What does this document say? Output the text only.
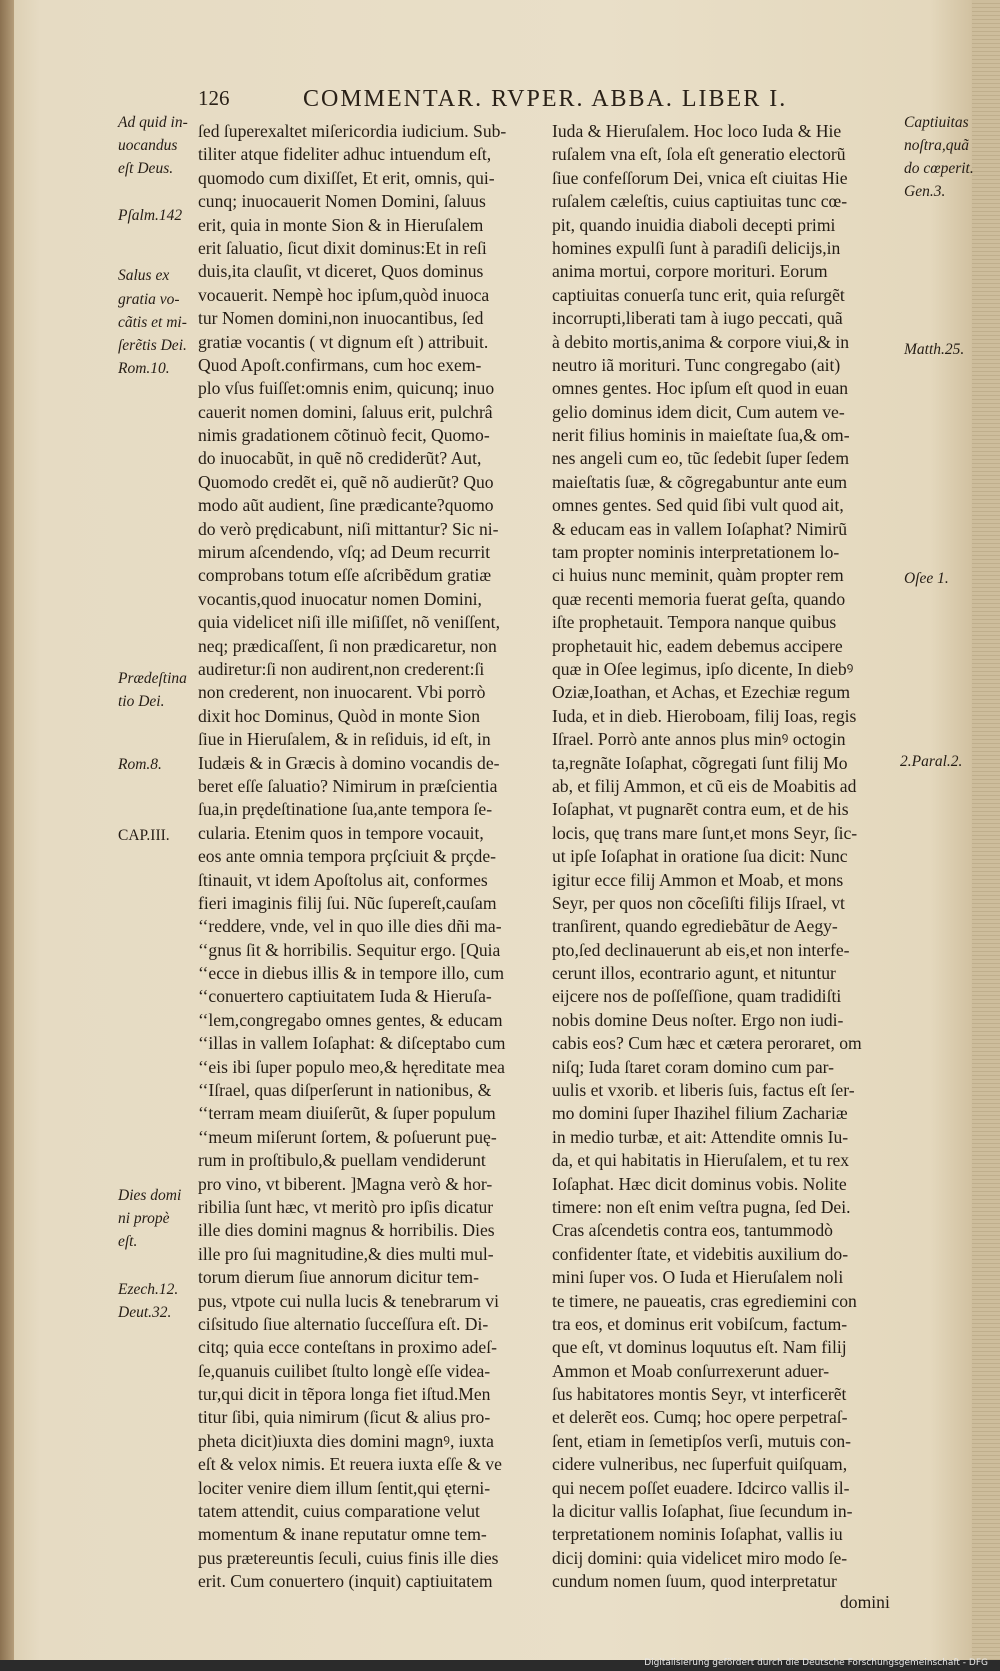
126	COMMENTAR. RVPER. ABBA. LIBER I.
ſed ſuperexaltet miſericordia iudicium. Sub-
tiliter atque fideliter adhuc intuendum eſt,
quomodo cum dixiſſet, Et erit, omnis, qui-
cunq; inuocauerit Nomen Domini, ſaluus
erit, quia in monte Sion & in Hieruſalem
erit ſaluatio, ſicut dixit dominus:Et in reſi
duis,ita clauſit, vt diceret, Quos dominus
vocauerit. Nempè hoc ipſum,quòd inuoca
tur Nomen domini,non inuocantibus, ſed
gratiæ vocantis ( vt dignum eſt ) attribuit.
Quod Apoſt.confirmans, cum hoc exem-
plo vſus fuiſſet:omnis enim, quicunq; inuo
cauerit nomen domini, ſaluus erit, pulchrâ
nimis gradationem cõtinuò fecit, Quomo-
do inuocabũt, in quẽ nõ crediderũt? Aut,
Quomodo credẽt ei, quẽ nõ audierũt? Quo
modo aũt audient, ſine prædicante?quomo
do verò prędicabunt, niſi mittantur? Sic ni-
mirum aſcendendo, vſq; ad Deum recurrit
comprobans totum eſſe aſcribẽdum gratiæ
vocantis,quod inuocatur nomen Domini,
quia videlicet niſi ille miſiſſet, nõ veniſſent,
neq; prædicaſſent, ſi non prædicaretur, non
audiretur:ſi non audirent,non crederent:ſi
non crederent, non inuocarent. Vbi porrò
dixit hoc Dominus, Quòd in monte Sion
ſiue in Hieruſalem, & in reſiduis, id eſt, in
Iudæis & in Græcis à domino vocandis de-
beret eſſe ſaluatio? Nimirum in præſcientia
ſua,in prędeſtinatione ſua,ante tempora ſe-
cularia. Etenim quos in tempore vocauit,
eos ante omnia tempora prçſciuit & prçde-
ſtinauit, vt idem Apoſtolus ait, conformes
fieri imaginis filij ſui. Nũc ſupereſt,cauſam
‘‘reddere, vnde, vel in quo ille dies dñi ma-
‘‘gnus ſit & horribilis. Sequitur ergo. [Quia
‘‘ecce in diebus illis & in tempore illo, cum
‘‘conuertero captiuitatem Iuda & Hieruſa-
‘‘lem,congregabo omnes gentes, & educam
‘‘illas in vallem Ioſaphat: & diſceptabo cum
‘‘eis ibi ſuper populo meo,& hęreditate mea
‘‘Iſrael, quas diſperſerunt in nationibus, &
‘‘terram meam diuiſerũt, & ſuper populum
‘‘meum miſerunt ſortem, & poſuerunt puę-
rum in proſtibulo,& puellam vendiderunt
pro vino, vt biberent. ]Magna verò & hor-
ribilia ſunt hæc, vt meritò pro ipſis dicatur
ille dies domini magnus & horribilis. Dies
ille pro ſui magnitudine,& dies multi mul-
torum dierum ſiue annorum dicitur tem-
pus, vtpote cui nulla lucis & tenebrarum vi
ciſsitudo ſiue alternatio ſucceſſura eſt. Di-
citq; quia ecce conteſtans in proximo adeſ-
ſe,quanuis cuilibet ſtulto longè eſſe videa-
tur,qui dicit in tẽpora longa fiet iſtud.Men
titur ſibi, quia nimirum (ſicut & alius pro-
pheta dicit)iuxta dies domini magnꝰ, iuxta
eſt & velox nimis. Et reuera iuxta eſſe & ve
lociter venire diem illum ſentit,qui ęterni-
tatem attendit, cuius comparatione velut
momentum & inane reputatur omne tem-
pus prætereuntis ſeculi, cuius finis ille dies
erit. Cum conuertero (inquit) captiuitatem
Iuda & Hieruſalem. Hoc loco Iuda & Hie
ruſalem vna eſt, ſola eſt generatio electorũ
ſiue confeſſorum Dei, vnica eſt ciuitas Hie
ruſalem cæleſtis, cuius captiuitas tunc cœ-
pit, quando inuidia diaboli decepti primi
homines expulſi ſunt à paradiſi delicijs,in
anima mortui, corpore morituri. Eorum
captiuitas conuerſa tunc erit, quia reſurgẽt
incorrupti,liberati tam à iugo peccati, quã
à debito mortis,anima & corpore viui,& in
neutro iã morituri. Tunc congregabo (ait)
omnes gentes. Hoc ipſum eſt quod in euan
gelio dominus idem dicit, Cum autem ve-
nerit filius hominis in maieſtate ſua,& om-
nes angeli cum eo, tũc ſedebit ſuper ſedem
maieſtatis ſuæ, & cõgregabuntur ante eum
omnes gentes. Sed quid ſibi vult quod ait,
& educam eas in vallem Ioſaphat? Nimirũ
tam propter nominis interpretationem lo-
ci huius nunc meminit, quàm propter rem
quæ recenti memoria fuerat geſta, quando
iſte prophetauit. Tempora nanque quibus
prophetauit hic, eadem debemus accipere
quæ in Oſee legimus, ipſo dicente, In diebꝰ
Oziæ,Ioathan, et Achas, et Ezechiæ regum
Iuda, et in dieb. Hieroboam, filij Ioas, regis
Iſrael. Porrò ante annos plus minꝰ octogin
ta,regnãte Ioſaphat, cõgregati ſunt filij Mo
ab, et filij Ammon, et cũ eis de Moabitis ad
Ioſaphat, vt pugnarẽt contra eum, et de his
locis, quę trans mare ſunt,et mons Seyr, ſic-
ut ipſe Ioſaphat in oratione ſua dicit: Nunc
igitur ecce filij Ammon et Moab, et mons
Seyr, per quos non cõceſiſti filijs Iſrael, vt
tranſirent, quando egrediebãtur de Aegy-
pto,ſed declinauerunt ab eis,et non interfe-
cerunt illos, econtrario agunt, et nituntur
eijcere nos de poſſeſſione, quam tradidiſti
nobis domine Deus noſter. Ergo non iudi-
cabis eos? Cum hæc et cætera peroraret, om
niſq; Iuda ſtaret coram domino cum par-
uulis et vxorib. et liberis ſuis, factus eſt ſer-
mo domini ſuper Ihazihel filium Zachariæ
in medio turbæ, et ait: Attendite omnis Iu-
da, et qui habitatis in Hieruſalem, et tu rex
Ioſaphat. Hæc dicit dominus vobis. Nolite
timere: non eſt enim veſtra pugna, ſed Dei.
Cras aſcendetis contra eos, tantummodò
confidenter ſtate, et videbitis auxilium do-
mini ſuper vos. O Iuda et Hieruſalem noli
te timere, ne paueatis, cras egrediemini con
tra eos, et dominus erit vobiſcum, factum-
que eſt, vt dominus loquutus eſt. Nam filij
Ammon et Moab conſurrexerunt aduer-
ſus habitatores montis Seyr, vt interficerẽt
et delerẽt eos. Cumq; hoc opere perpetraſ-
ſent, etiam in ſemetipſos verſi, mutuis con-
cidere vulneribus, nec ſuperfuit quiſquam,
qui necem poſſet euadere. Idcirco vallis il-
la dicitur vallis Ioſaphat, ſiue ſecundum in-
terpretationem nominis Ioſaphat, vallis iu
dicij domini: quia videlicet miro modo ſe-
cundum nomen ſuum, quod interpretatur
domini
Ad quid in-
uocandus
eſt Deus.
Pſalm.142
Salus ex
gratia vo-
cãtis et mi-
ſerẽtis Dei.
Rom.10.
Prædeſtina
tio Dei.
Rom.8.
CAP.III.
Dies domi
ni propè
eſt.
Ezech.12.
Deut.32.
Captiuitas
noſtra,quã
do cœperit.
Gen.3.
Matth.25.
Oſee 1.
2.Paral.2.
Digitalisierung gefördert durch die Deutsche Forschungsgemeinschaft - DFG
